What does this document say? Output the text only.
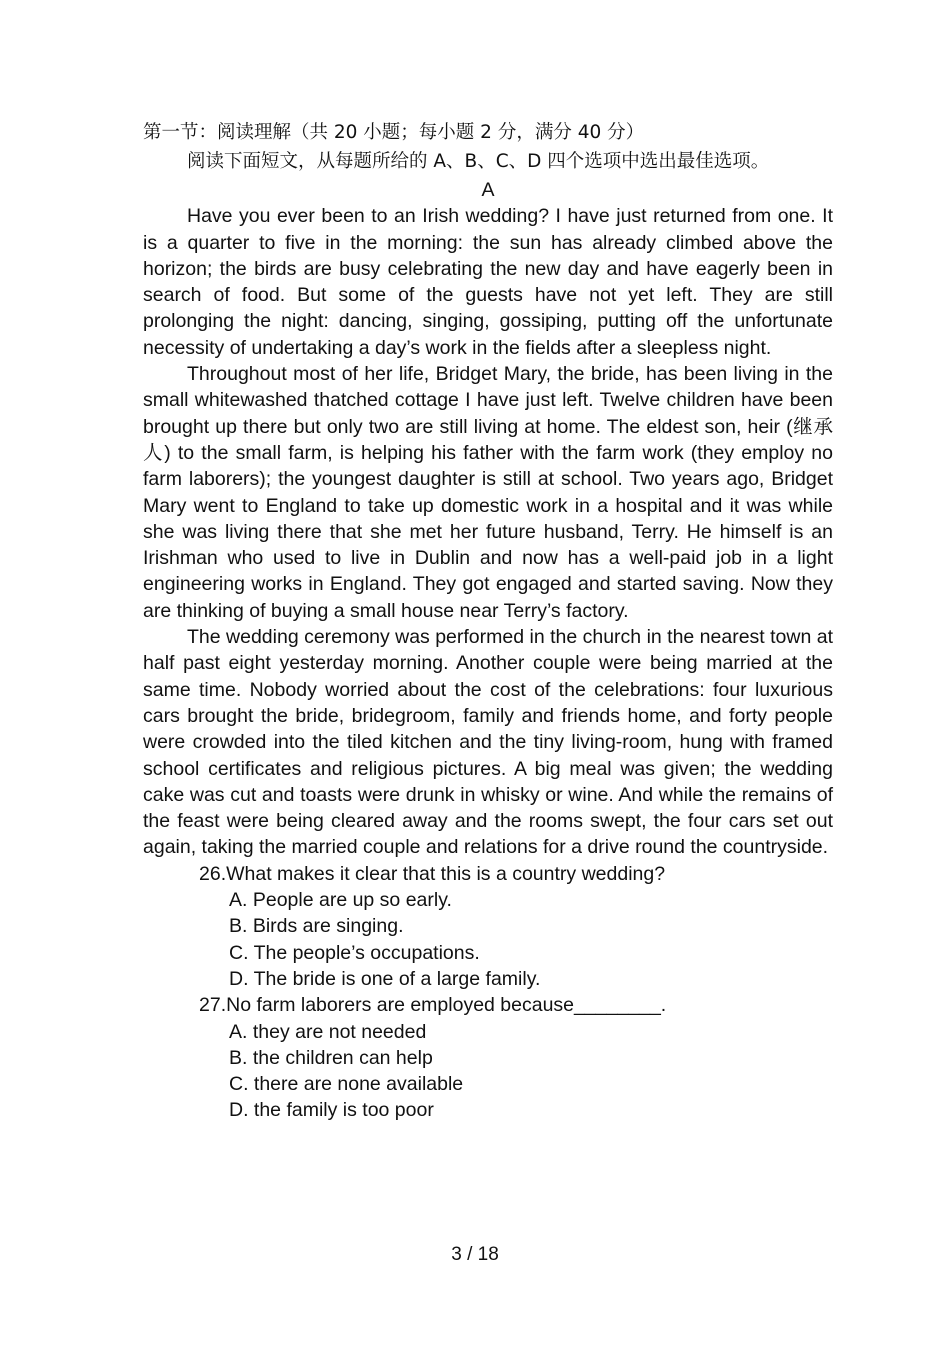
第一节：阅读理解（共 20 小题；每小题 2 分，满分 40 分）

阅读下面短文，从每题所给的 A、B、C、D 四个选项中选出最佳选项。

A

Have you ever been to an Irish wedding? I have just returned from one. It is a quarter to five in the morning: the sun has already climbed above the horizon; the birds are busy celebrating the new day and have eagerly been in search of food. But some of the guests have not yet left. They are still prolonging the night: dancing, singing, gossiping, putting off the unfortunate necessity of undertaking a day’s work in the fields after a sleepless night.

Throughout most of her life, Bridget Mary, the bride, has been living in the small whitewashed thatched cottage I have just left. Twelve children have been brought up there but only two are still living at home. The eldest son, heir (继承人) to the small farm, is helping his father with the farm work (they employ no farm laborers); the youngest daughter is still at school. Two years ago, Bridget Mary went to England to take up domestic work in a hospital and it was while she was living there that she met her future husband, Terry. He himself is an Irishman who used to live in Dublin and now has a well-paid job in a light engineering works in England. They got engaged and started saving. Now they are thinking of buying a small house near Terry’s factory.

The wedding ceremony was performed in the church in the nearest town at half past eight yesterday morning. Another couple were being married at the same time. Nobody worried about the cost of the celebrations: four luxurious cars brought the bride, bridegroom, family and friends home, and forty people were crowded into the tiled kitchen and the tiny living-room, hung with framed school certificates and religious pictures. A big meal was given; the wedding cake was cut and toasts were drunk in whisky or wine. And while the remains of the feast were being cleared away and the rooms swept, the four cars set out again, taking the married couple and relations for a drive round the countryside.

26.What makes it clear that this is a country wedding?

A. People are up so early.

B. Birds are singing.

C. The people’s occupations.

D. The bride is one of a large family.

27.No farm laborers are employed because________.

A. they are not needed

B. the children can help

C. there are none available

D. the family is too poor

3 / 18
